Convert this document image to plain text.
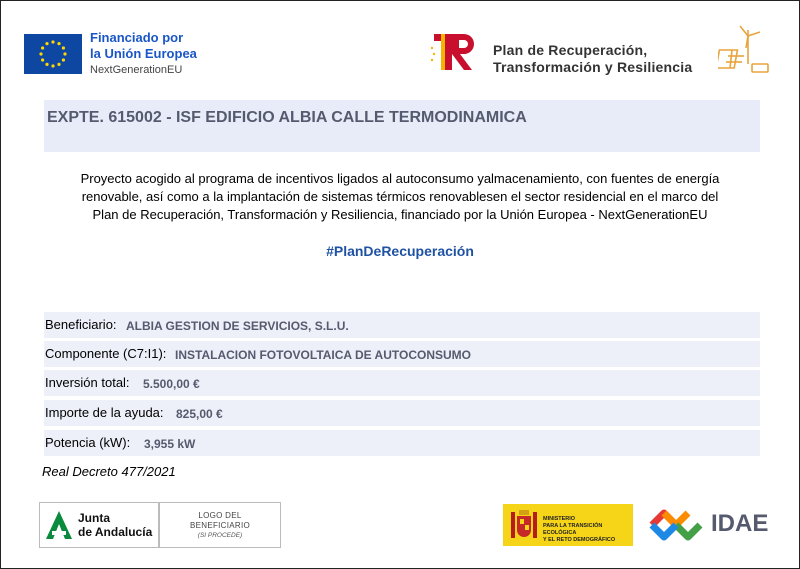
Financiado por
la Unión Europea
NextGenerationEU
Plan de Recuperación,
Transformación y Resiliencia
EXPTE. 615002 - ISF EDIFICIO ALBIA CALLE TERMODINAMICA
Proyecto acogido al programa de incentivos ligados al autoconsumo yalmacenamiento, con fuentes de energía
renovable, así como a la implantación de sistemas térmicos renovablesen el sector residencial en el marco del
Plan de Recuperación, Transformación y Resiliencia, financiado por la Unión Europea - NextGenerationEU
#PlanDeRecuperación
Beneficiario: ALBIA GESTION DE SERVICIOS, S.L.U.
Componente (C7:I1): INSTALACION FOTOVOLTAICA DE AUTOCONSUMO
Inversión total: 5.500,00 €
Importe de la ayuda: 825,00 €
Potencia (kW): 3,955 kW
Real Decreto 477/2021
Junta
de Andalucía
LOGO DEL
BENEFICIARIO
(SI PROCEDE)
MINISTERIO
PARA LA TRANSICIÓN ECOLÓGICA
Y EL RETO DEMOGRÁFICO
IDAE
